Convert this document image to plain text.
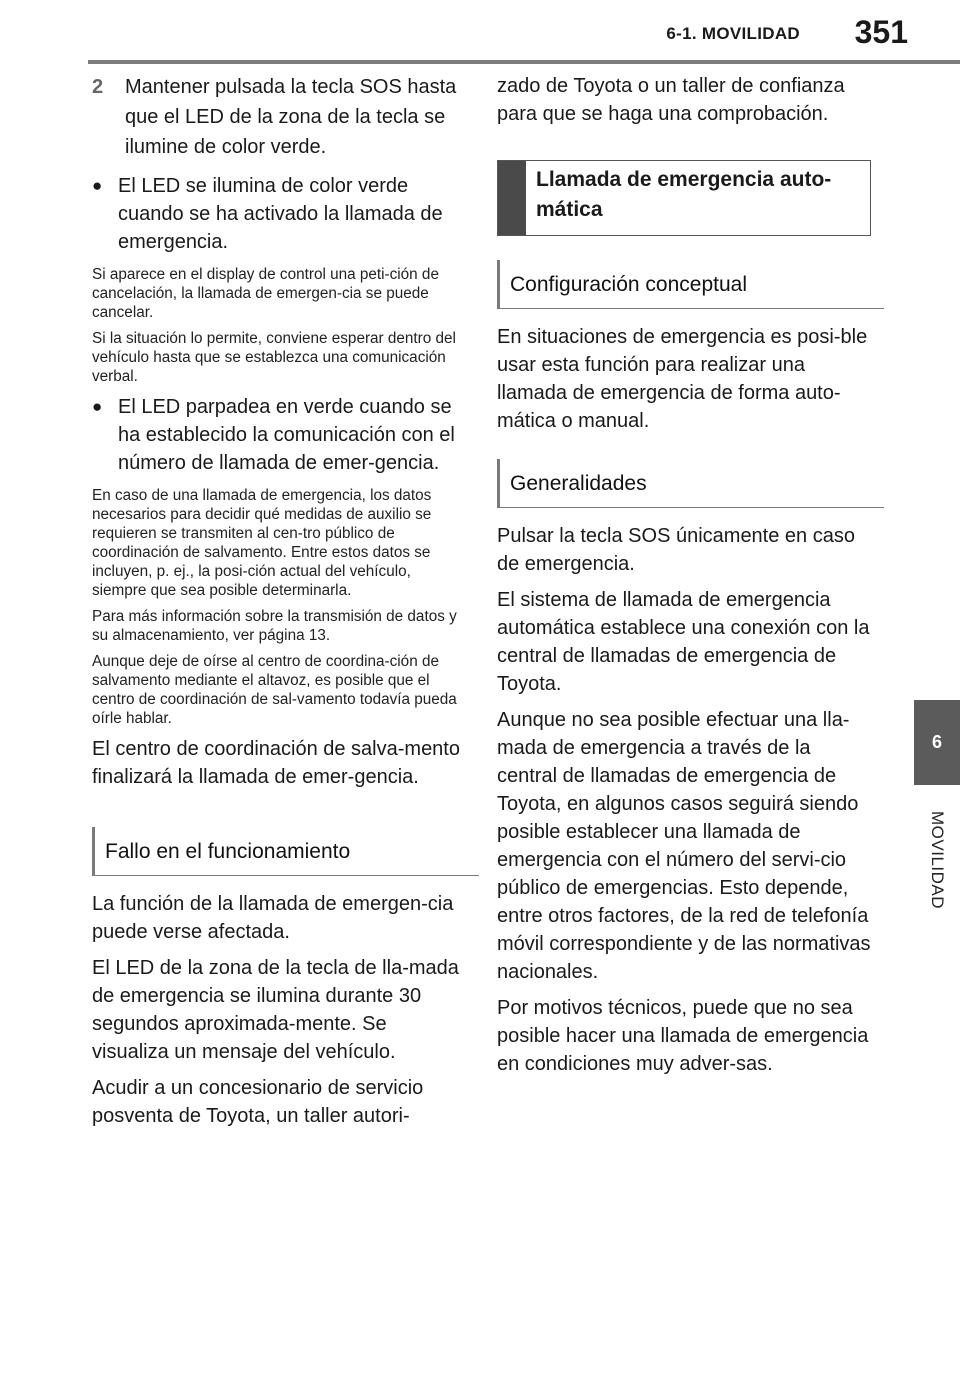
6-1. MOVILIDAD	351
6
MOVILIDAD
2	Mantener pulsada la tecla SOS hasta que el LED de la zona de la tecla se ilumine de color verde.
● El LED se ilumina de color verde cuando se ha activado la llamada de emergencia.

Si aparece en el display de control una peti-ción de cancelación, la llamada de emergen-cia se puede cancelar.

Si la situación lo permite, conviene esperar dentro del vehículo hasta que se establezca una comunicación verbal.

● El LED parpadea en verde cuando se ha establecido la comunicación con el número de llamada de emer-gencia.

En caso de una llamada de emergencia, los datos necesarios para decidir qué medidas de auxilio se requieren se transmiten al cen-tro público de coordinación de salvamento. Entre estos datos se incluyen, p. ej., la posi-ción actual del vehículo, siempre que sea posible determinarla.

Para más información sobre la transmisión de datos y su almacenamiento, ver página 13.

Aunque deje de oírse al centro de coordina-ción de salvamento mediante el altavoz, es posible que el centro de coordinación de sal-vamento todavía pueda oírle hablar.

El centro de coordinación de salva-mento finalizará la llamada de emer-gencia.

Fallo en el funcionamiento

La función de la llamada de emergen-cia puede verse afectada.

El LED de la zona de la tecla de lla-mada de emergencia se ilumina durante 30 segundos aproximada-mente. Se visualiza un mensaje del vehículo.

Acudir a un concesionario de servicio posventa de Toyota, un taller autori-

zado de Toyota o un taller de confianza para que se haga una comprobación.

Llamada de emergencia auto-mática
Configuración conceptual

En situaciones de emergencia es posi-ble usar esta función para realizar una llamada de emergencia de forma auto-mática o manual.

Generalidades

Pulsar la tecla SOS únicamente en caso de emergencia.

El sistema de llamada de emergencia automática establece una conexión con la central de llamadas de emergencia de Toyota.

Aunque no sea posible efectuar una lla-mada de emergencia a través de la central de llamadas de emergencia de Toyota, en algunos casos seguirá siendo posible establecer una llamada de emergencia con el número del servi-cio público de emergencias. Esto depende, entre otros factores, de la red de telefonía móvil correspondiente y de las normativas nacionales.

Por motivos técnicos, puede que no sea posible hacer una llamada de emergencia en condiciones muy adver-sas.
